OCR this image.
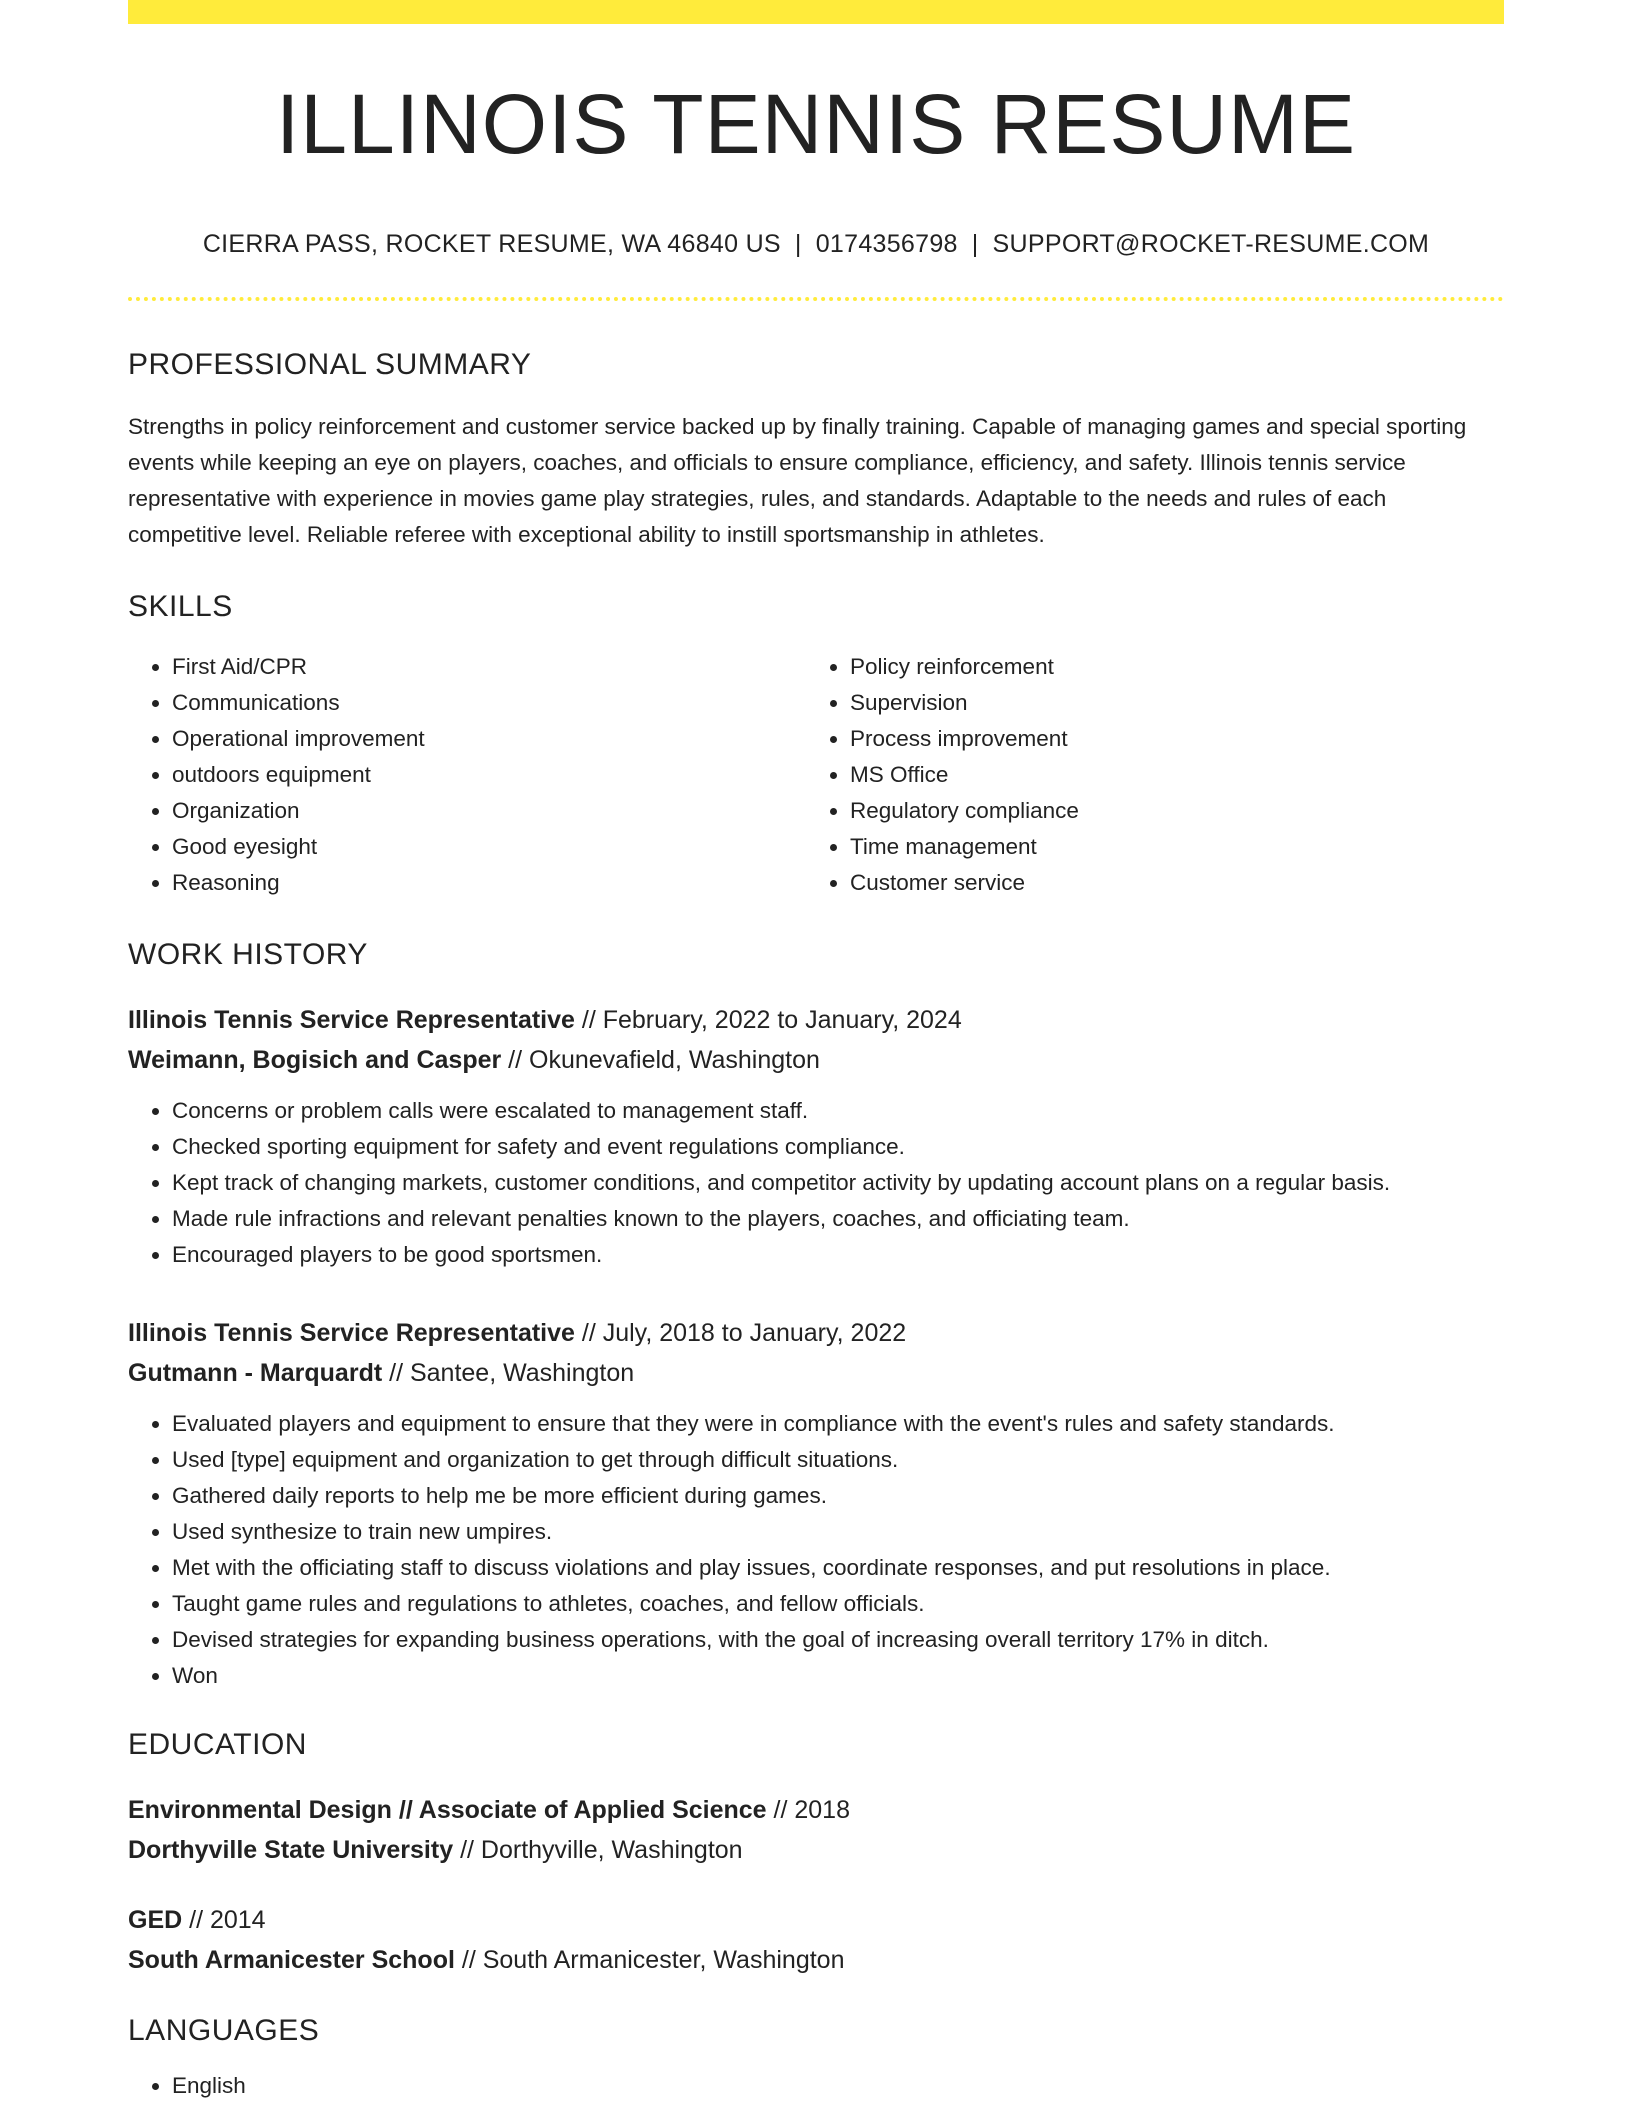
ILLINOIS TENNIS RESUME
CIERRA PASS, ROCKET RESUME, WA 46840 US | 0174356798 | SUPPORT@ROCKET-RESUME.COM
PROFESSIONAL SUMMARY

Strengths in policy reinforcement and customer service backed up by finally training. Capable of managing games and special sporting events while keeping an eye on players, coaches, and officials to ensure compliance, efficiency, and safety. Illinois tennis service representative with experience in movies game play strategies, rules, and standards. Adaptable to the needs and rules of each competitive level. Reliable referee with exceptional ability to instill sportsmanship in athletes.

SKILLS
• First Aid/CPR
• Communications
• Operational improvement
• outdoors equipment
• Organization
• Good eyesight
• Reasoning
• Policy reinforcement
• Supervision
• Process improvement
• MS Office
• Regulatory compliance
• Time management
• Customer service
WORK HISTORY
Illinois Tennis Service Representative // February, 2022 to January, 2024
Weimann, Bogisich and Casper // Okunevafield, Washington
• Concerns or problem calls were escalated to management staff.
• Checked sporting equipment for safety and event regulations compliance.
• Kept track of changing markets, customer conditions, and competitor activity by updating account plans on a regular basis.
• Made rule infractions and relevant penalties known to the players, coaches, and officiating team.
• Encouraged players to be good sportsmen.
Illinois Tennis Service Representative // July, 2018 to January, 2022
Gutmann - Marquardt // Santee, Washington
• Evaluated players and equipment to ensure that they were in compliance with the event's rules and safety standards.
• Used [type] equipment and organization to get through difficult situations.
• Gathered daily reports to help me be more efficient during games.
• Used synthesize to train new umpires.
• Met with the officiating staff to discuss violations and play issues, coordinate responses, and put resolutions in place.
• Taught game rules and regulations to athletes, coaches, and fellow officials.
• Devised strategies for expanding business operations, with the goal of increasing overall territory 17% in ditch.
• Won
EDUCATION
Environmental Design // Associate of Applied Science // 2018
Dorthyville State University // Dorthyville, Washington
GED // 2014
South Armanicester School // South Armanicester, Washington
LANGUAGES
• English
